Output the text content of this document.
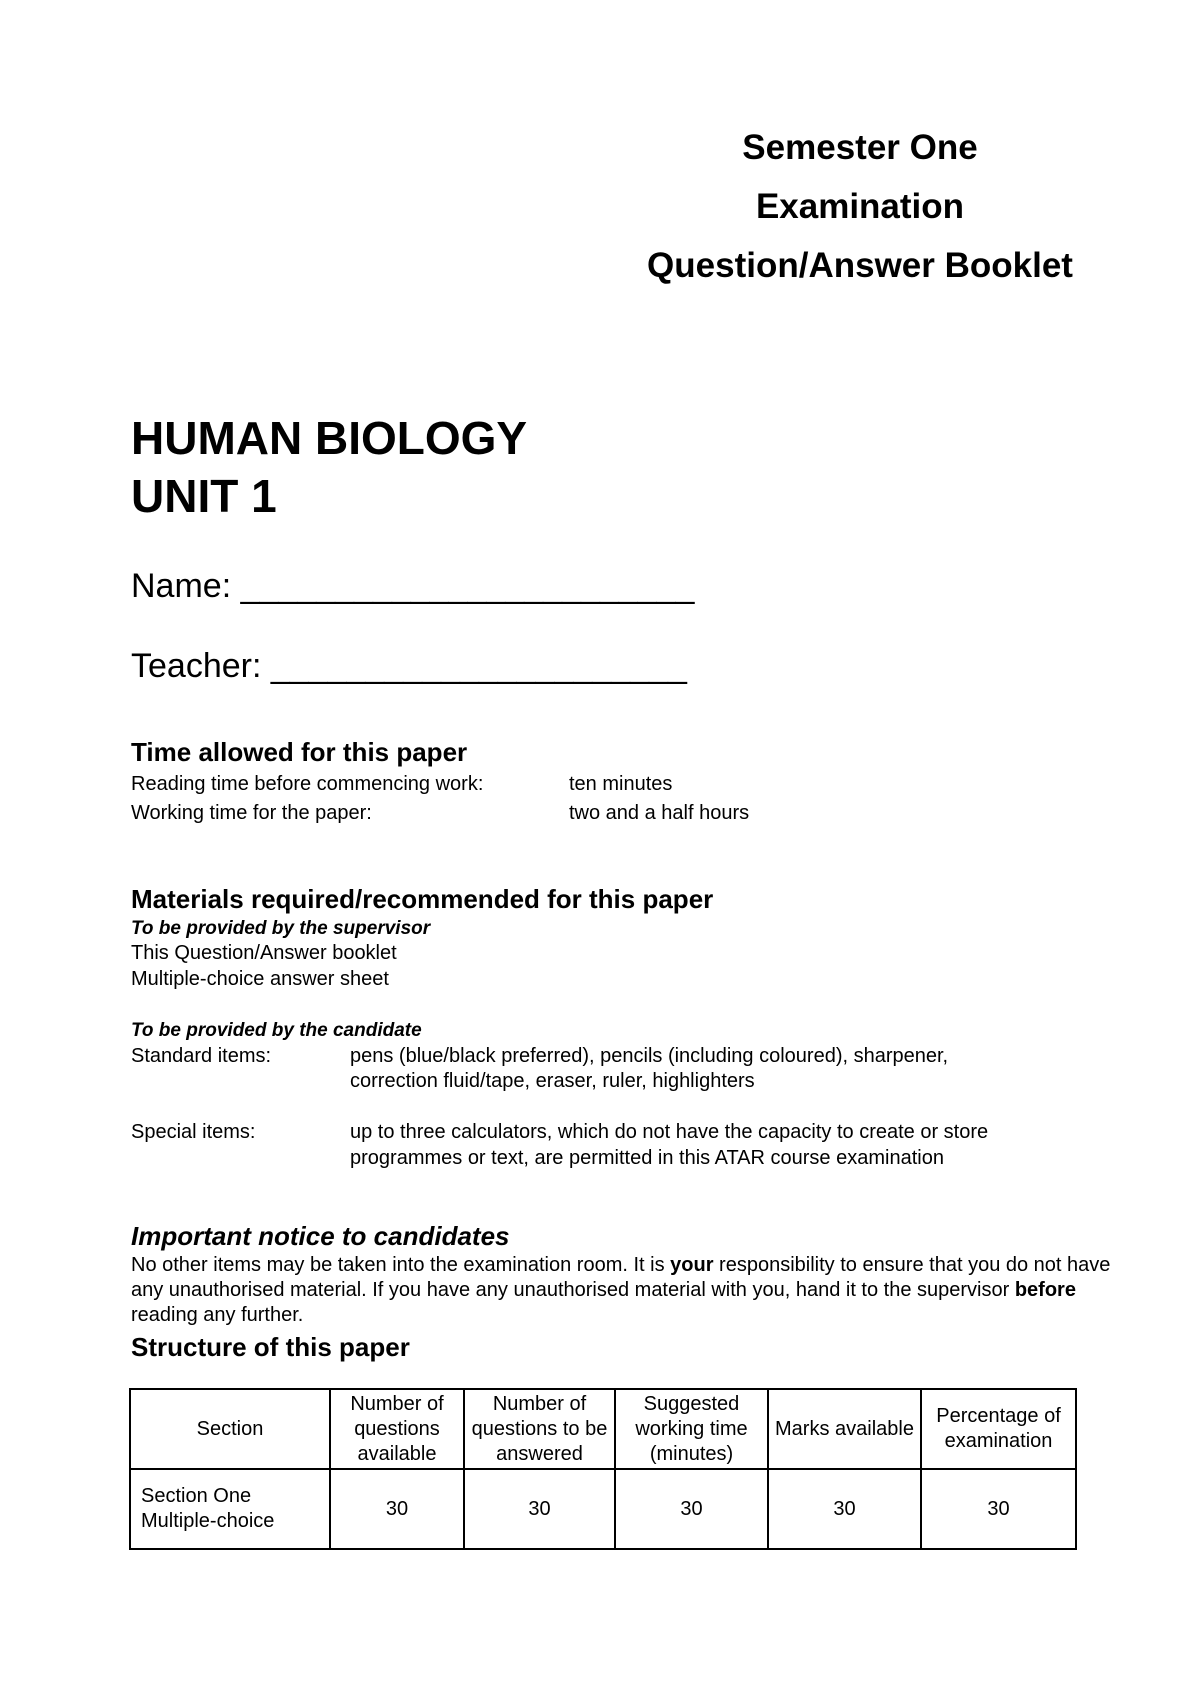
Semester One
Examination
Question/Answer Booklet
HUMAN BIOLOGY
UNIT 1
Name: ________________________
Teacher: ______________________
Time allowed for this paper
Reading time before commencing work:	ten minutes
Working time for the paper:	two and a half hours
Materials required/recommended for this paper
To be provided by the supervisor
This Question/Answer booklet
Multiple-choice answer sheet
To be provided by the candidate
Standard items:	pens (blue/black preferred), pencils (including coloured), sharpener,
correction fluid/tape, eraser, ruler, highlighters
Special items:	up to three calculators, which do not have the capacity to create or store
programmes or text, are permitted in this ATAR course examination
Important notice to candidates
No other items may be taken into the examination room. It is your responsibility to ensure that you do not have any unauthorised material. If you have any unauthorised material with you, hand it to the supervisor before reading any further.
Structure of this paper
Section	Number of questions available	Number of questions to be answered	Suggested working time (minutes)	Marks available	Percentage of examination
Section One
Multiple-choice	30	30	30	30	30
